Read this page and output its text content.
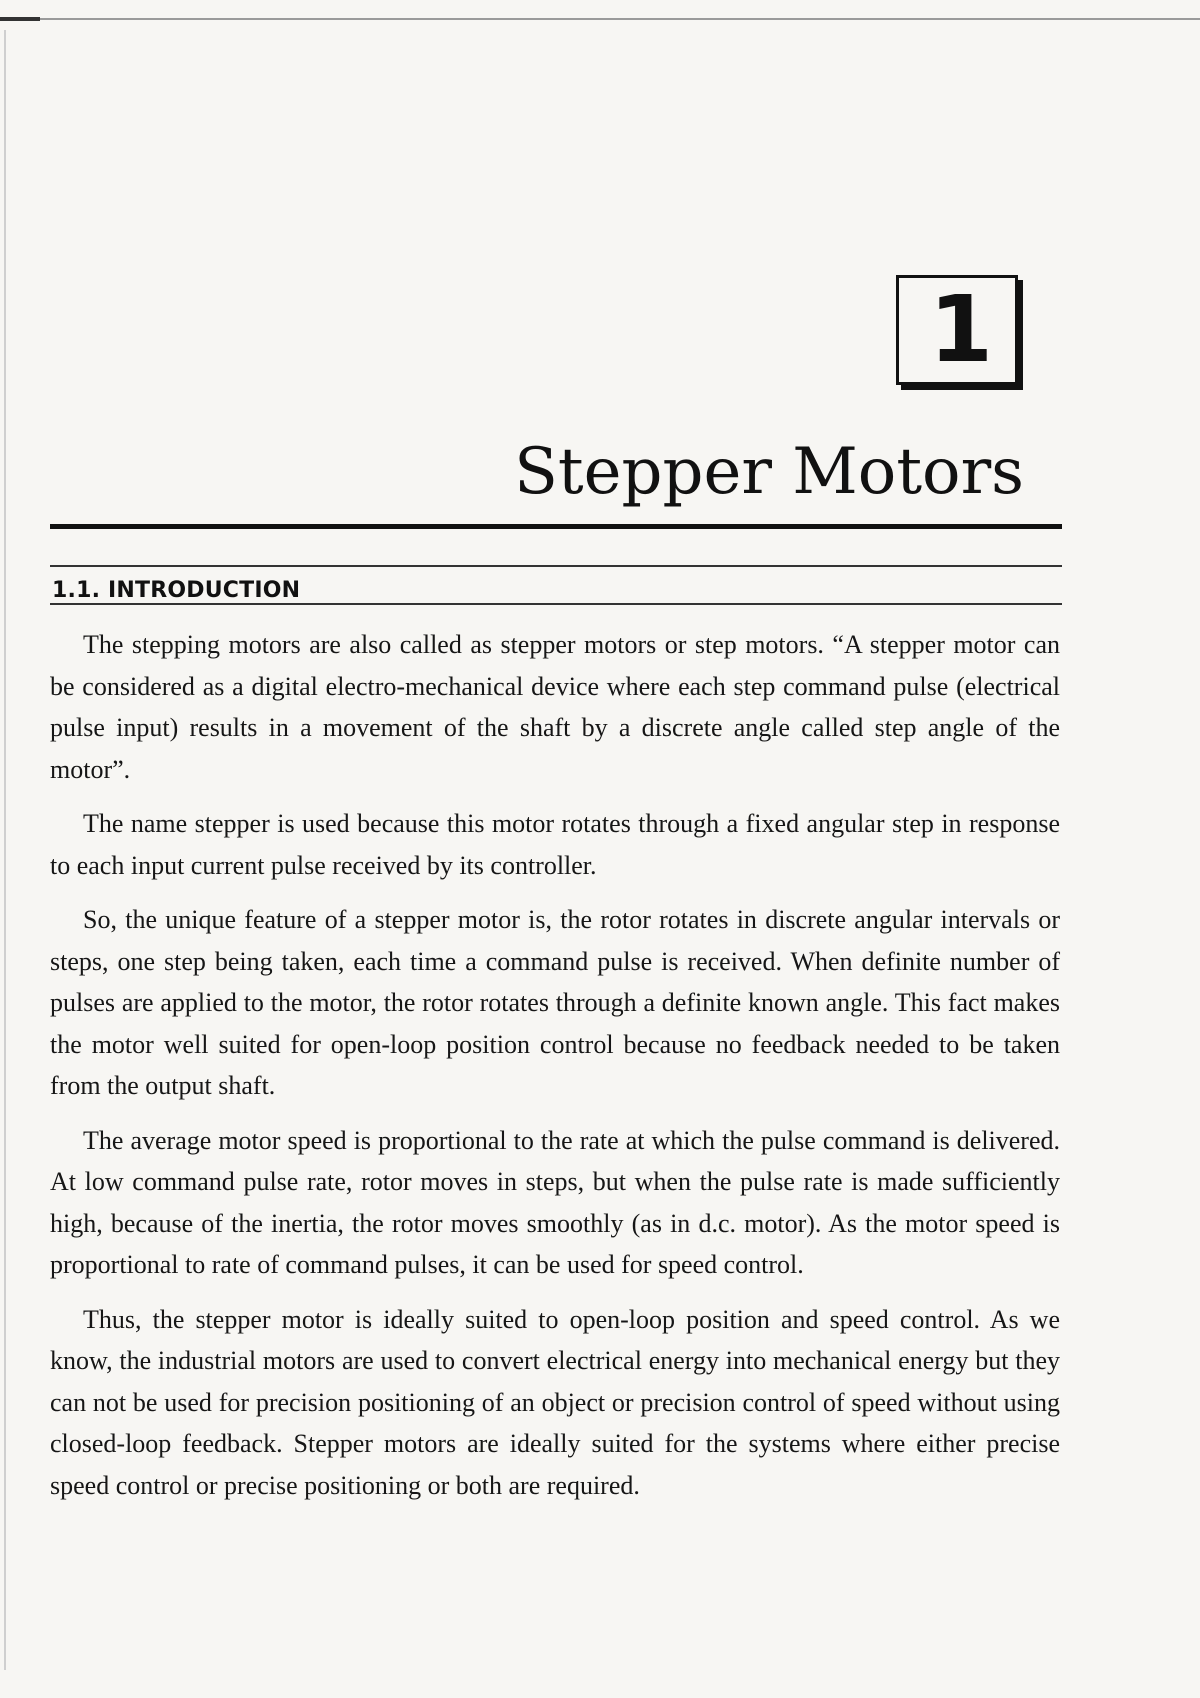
1
Stepper Motors
1.1. INTRODUCTION

The stepping motors are also called as stepper motors or step motors. “A stepper motor can be considered as a digital electro-mechanical device where each step command pulse (electrical pulse input) results in a movement of the shaft by a discrete angle called step angle of the motor”.

The name stepper is used because this motor rotates through a fixed angular step in response to each input current pulse received by its controller.

So, the unique feature of a stepper motor is, the rotor rotates in discrete angular intervals or steps, one step being taken, each time a command pulse is received. When definite number of pulses are applied to the motor, the rotor rotates through a definite known angle. This fact makes the motor well suited for open-loop position control because no feedback needed to be taken from the output shaft.

The average motor speed is proportional to the rate at which the pulse command is delivered. At low command pulse rate, rotor moves in steps, but when the pulse rate is made sufficiently high, because of the inertia, the rotor moves smoothly (as in d.c. motor). As the motor speed is proportional to rate of command pulses, it can be used for speed control.

Thus, the stepper motor is ideally suited to open-loop position and speed control. As we know, the industrial motors are used to convert electrical energy into mechanical energy but they can not be used for precision positioning of an object or precision control of speed without using closed-loop feedback. Stepper motors are ideally suited for the systems where either precise speed control or precise positioning or both are required.
